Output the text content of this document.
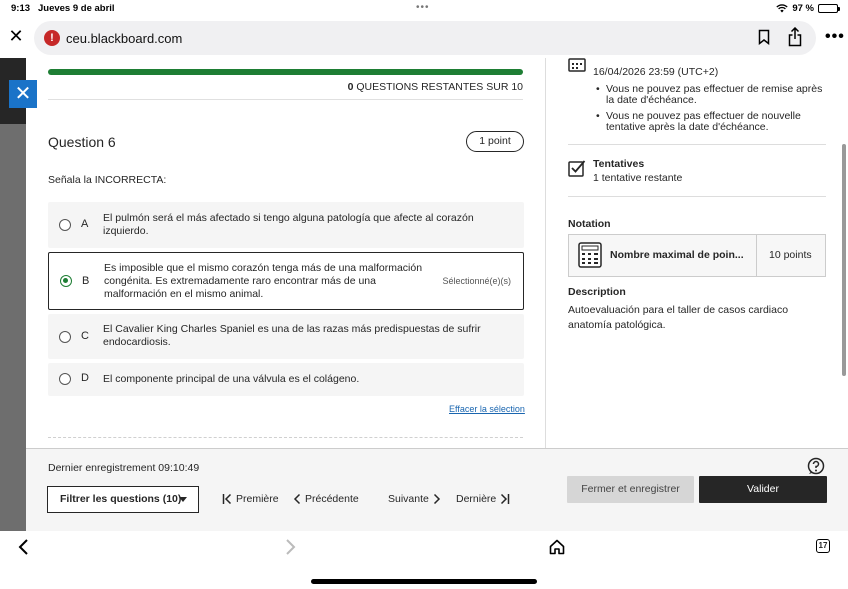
9:13 Jueves 9 de abril	•••	97 %
✕	! ceu.blackboard.com	•••
✕	0 QUESTIONS RESTANTES SUR 10
Question 6	1 point
Señala la INCORRECTA:
A El pulmón será el más afectado si tengo alguna patología que afecte al corazón izquierdo.
B
Es imposible que el mismo corazón tenga más de una malformación congénita. Es extremadamente raro encontrar más de una malformación en el mismo animal.
Sélectionné(e)(s)
C
El Cavalier King Charles Spaniel es una de las razas más predispuestas de sufrir endocardiosis.
D El componente principal de una válvula es el colágeno.
Effacer la sélection
16/04/2026 23:59 (UTC+2)
• Vous ne pouvez pas effectuer de remise après la date d'échéance.
• Vous ne pouvez pas effectuer de nouvelle tentative après la date d'échéance.
Tentatives
1 tentative restante
Notation
Nombre maximal de poin... 10 points
Description
Autoevaluación para el taller de casos cardiaco anatomía patológica.
Dernier enregistrement 09:10:49
Filtrer les questions (10)	Première	Précédente	Suivante	Dernière
Fermer et enregistrer	Valider
17
